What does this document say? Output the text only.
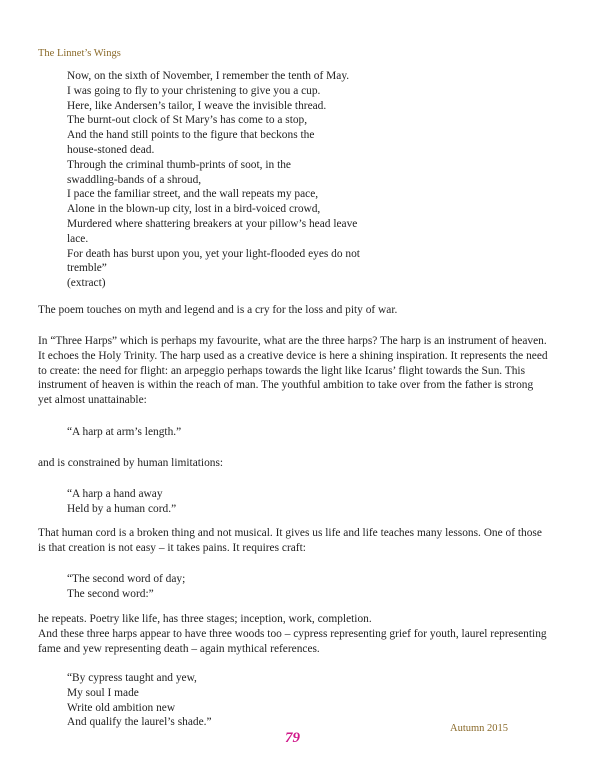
The Linnet’s Wings
Now, on the sixth of November, I remember the tenth of May.
I was going to fly to your christening to give you a cup.
Here, like Andersen’s tailor, I weave the invisible thread.
The burnt-out clock of St Mary’s has come to a stop,
And the hand still points to the figure that beckons the
house-stoned dead.
Through the criminal thumb-prints of soot, in the
swaddling-bands of a shroud,
I pace the familiar street, and the wall repeats my pace,
Alone in the blown-up city, lost in a bird-voiced crowd,
Murdered where shattering breakers at your pillow’s head leave
lace.
For death has burst upon you, yet your light-flooded eyes do not
tremble”
(extract)
The poem touches on myth and legend and is a cry for the loss and pity of war.
In “Three Harps” which is perhaps my favourite, what are the three harps? The harp is an instrument of heaven.
It echoes the Holy Trinity. The harp used as a creative device is here a shining inspiration. It represents the need
to create: the need for flight: an arpeggio perhaps towards the light like Icarus’ flight towards the Sun. This
instrument of heaven is within the reach of man. The youthful ambition to take over from the father is strong
yet almost unattainable:
“A harp at arm’s length.”
and is constrained by human limitations:
“A harp a hand away
Held by a human cord.”
That human cord is a broken thing and not musical. It gives us life and life teaches many lessons. One of those
is that creation is not easy – it takes pains. It requires craft:
“The second word of day;
The second word:”
he repeats. Poetry like life, has three stages; inception, work, completion.
And these three harps appear to have three woods too – cypress representing grief for youth, laurel representing
fame and yew representing death – again mythical references.
“By cypress taught and yew,
My soul I made
Write old ambition new
And qualify the laurel’s shade.”
Autumn 2015
79
